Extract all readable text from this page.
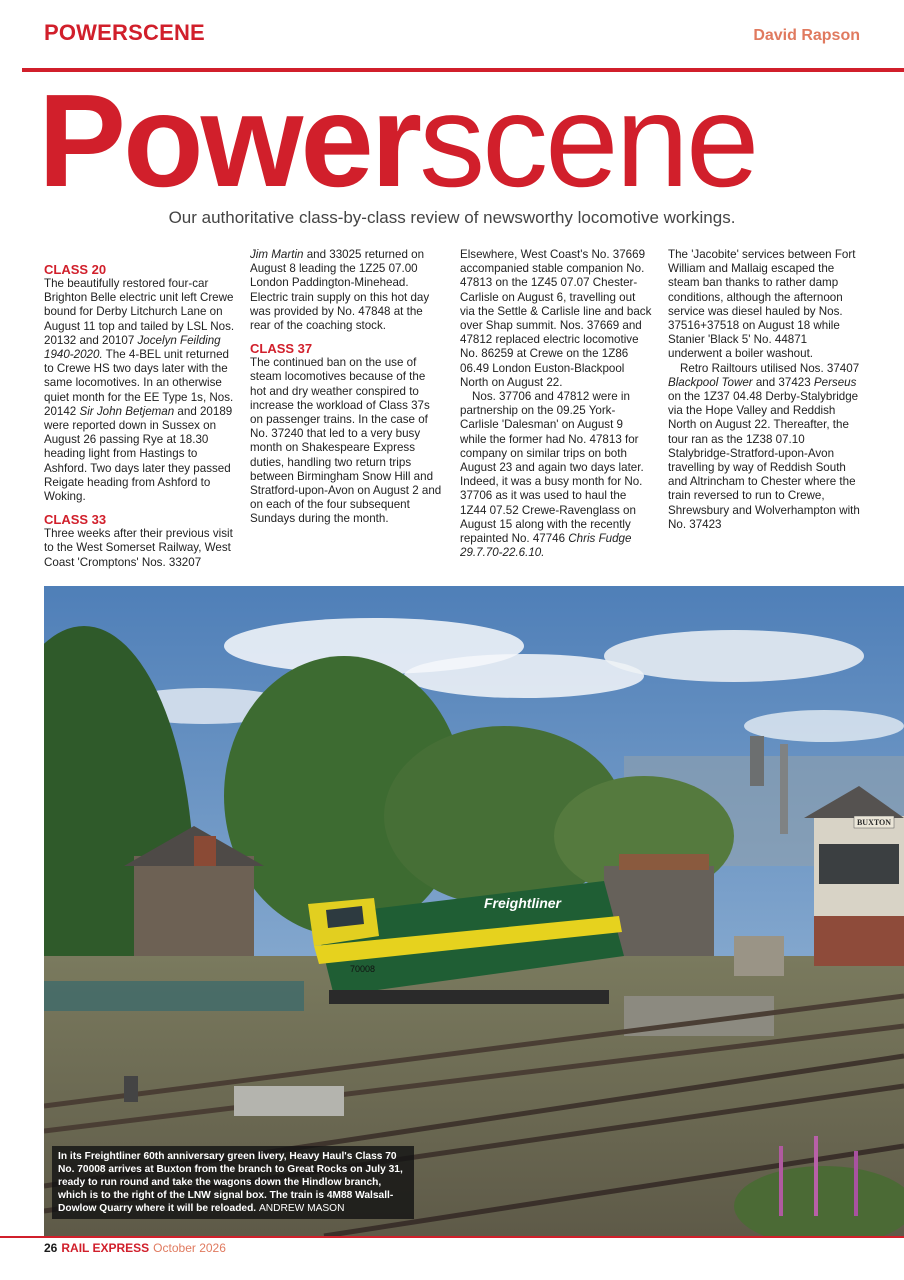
POWERSCENE	David Rapson
Powerscene
Our authoritative class-by-class review of newsworthy locomotive workings.
CLASS 20

The beautifully restored four-car Brighton Belle electric unit left Crewe bound for Derby Litchurch Lane on August 11 top and tailed by LSL Nos. 20132 and 20107 Jocelyn Feilding 1940-2020. The 4-BEL unit returned to Crewe HS two days later with the same locomotives. In an otherwise quiet month for the EE Type 1s, Nos. 20142 Sir John Betjeman and 20189 were reported down in Sussex on August 26 passing Rye at 18.30 heading light from Hastings to Ashford. Two days later they passed Reigate heading from Ashford to Woking.

CLASS 33

Three weeks after their previous visit to the West Somerset Railway, West Coast 'Cromptons' Nos. 33207

Jim Martin and 33025 returned on August 8 leading the 1Z25 07.00 London Paddington-Minehead. Electric train supply on this hot day was provided by No. 47848 at the rear of the coaching stock.

CLASS 37

The continued ban on the use of steam locomotives because of the hot and dry weather conspired to increase the workload of Class 37s on passenger trains. In the case of No. 37240 that led to a very busy month on Shakespeare Express duties, handling two return trips between Birmingham Snow Hill and Stratford-upon-Avon on August 2 and on each of the four subsequent Sundays during the month.

Elsewhere, West Coast's No. 37669 accompanied stable companion No. 47813 on the 1Z45 07.07 Chester-Carlisle on August 6, travelling out via the Settle & Carlisle line and back over Shap summit. Nos. 37669 and 47812 replaced electric locomotive No. 86259 at Crewe on the 1Z86 06.49 London Euston-Blackpool North on August 22.

Nos. 37706 and 47812 were in partnership on the 09.25 York-Carlisle 'Dalesman' on August 9 while the former had No. 47813 for company on similar trips on both August 23 and again two days later. Indeed, it was a busy month for No. 37706 as it was used to haul the 1Z44 07.52 Crewe-Ravenglass on August 15 along with the recently repainted No. 47746 Chris Fudge 29.7.70-22.6.10.

The 'Jacobite' services between Fort William and Mallaig escaped the steam ban thanks to rather damp conditions, although the afternoon service was diesel hauled by Nos. 37516+37518 on August 18 while Stanier 'Black 5' No. 44871 underwent a boiler washout.

Retro Railtours utilised Nos. 37407 Blackpool Tower and 37423 Perseus on the 1Z37 04.48 Derby-Stalybridge via the Hope Valley and Reddish North on August 22. Thereafter, the tour ran as the 1Z38 07.10 Stalybridge-Stratford-upon-Avon travelling by way of Reddish South and Altrincham to Chester where the train reversed to run to Crewe, Shrewsbury and Wolverhampton with No. 37423

Freightliner
70008
BUXTON
In its Freightliner 60th anniversary green livery, Heavy Haul's Class 70 No. 70008 arrives at Buxton from the branch to Great Rocks on July 31, ready to run round and take the wagons down the Hindlow branch, which is to the right of the LNW signal box. The train is 4M88 Walsall-Dowlow Quarry where it will be reloaded. ANDREW MASON
26 RAIL EXPRESS October 2026
